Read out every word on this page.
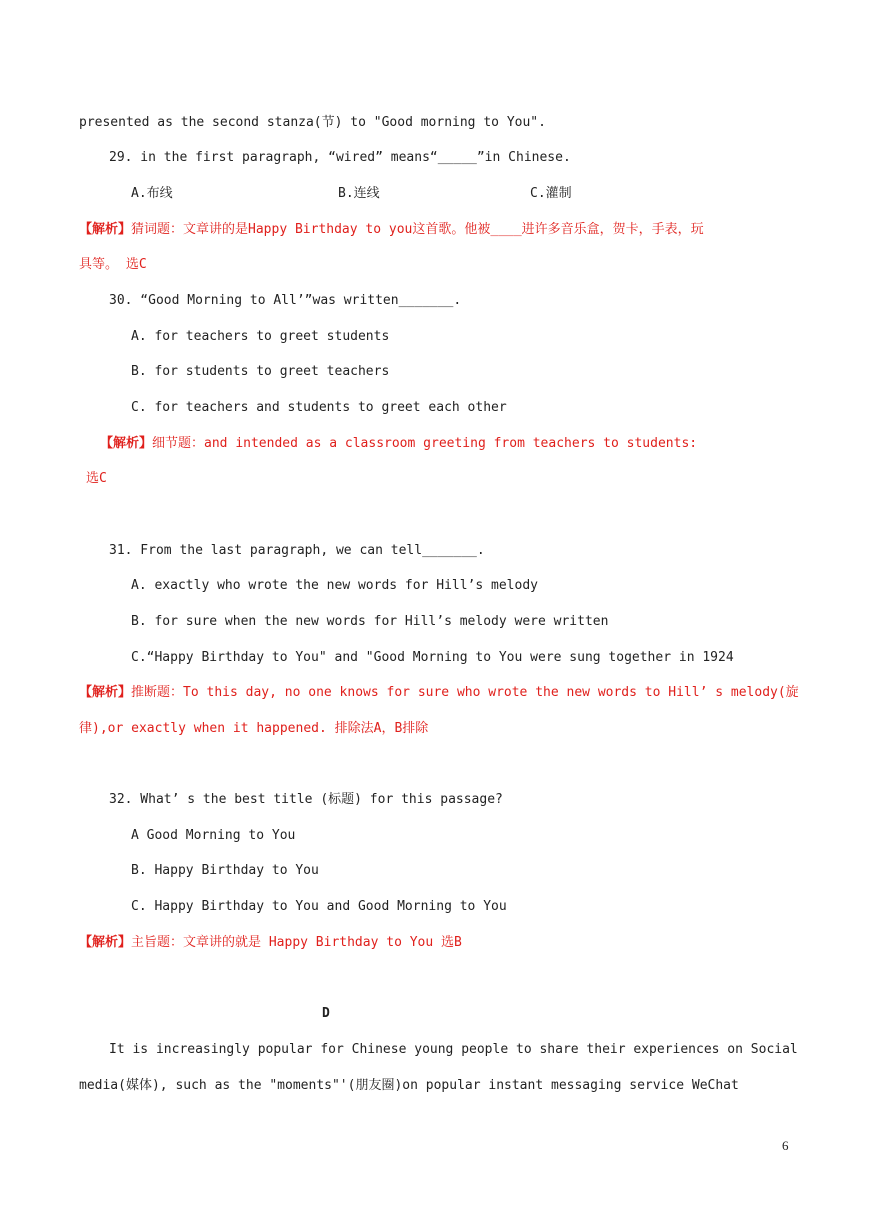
presented as the second stanza(节) to "Good morning to You".
29. in the first paragraph, “wired” means“_____”in Chinese.
A.布线	B.连线	C.灌制
【解析】猜词题：文章讲的是Happy Birthday to you这首歌。他被____进许多音乐盒，贺卡，手表，玩
具等。 选C
30. “Good Morning to All’”was written_______.
A. for teachers to greet students
B. for students to greet teachers
C. for teachers and students to greet each other
【解析】细节题：and intended as a classroom greeting from teachers to students:
选C
31. From the last paragraph, we can tell_______.
A. exactly who wrote the new words for Hill’s melody
B. for sure when the new words for Hill’s melody were written
C.“Happy Birthday to You" and "Good Morning to You were sung together in 1924
【解析】推断题：To this day, no one knows for sure who wrote the new words to Hill’ s melody(旋
律),or exactly when it happened. 排除法A，B排除
32. What’ s the best title (标题) for this passage?
A Good Morning to You
B. Happy Birthday to You
C. Happy Birthday to You and Good Morning to You
【解析】主旨题：文章讲的就是 Happy Birthday to You 选B
D
It is increasingly popular for Chinese young people to share their experiences on Social
media(媒体), such as the "moments"'(朋友圈)on popular instant messaging service WeChat
6
